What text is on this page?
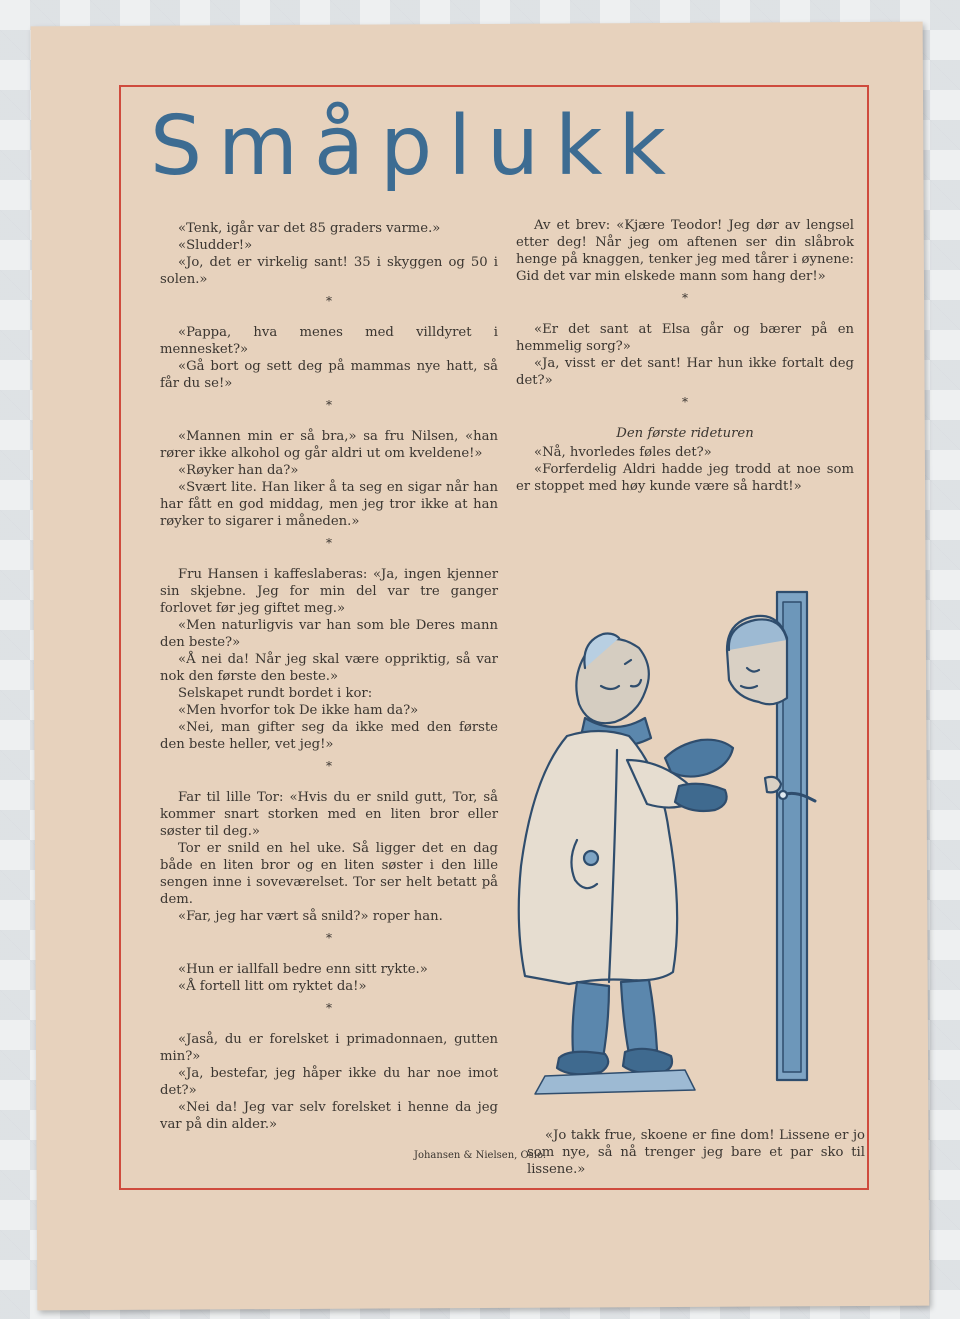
Småplukk

«Tenk, igår var det 85 graders varme.»

«Sludder!»

«Jo, det er virkelig sant! 35 i skyggen og 50 i solen.»

*

«Pappa, hva menes med villdyret i mennesket?»

«Gå bort og sett deg på mammas nye hatt, så får du se!»

*

«Mannen min er så bra,» sa fru Nilsen, «han rører ikke alkohol og går aldri ut om kveldene!»

«Røyker han da?»

«Svært lite. Han liker å ta seg en sigar når han har fått en god middag, men jeg tror ikke at han røyker to sigarer i måneden.»

*

Fru Hansen i kaffeslaberas: «Ja, ingen kjenner sin skjebne. Jeg for min del var tre ganger forlovet før jeg giftet meg.»

«Men naturligvis var han som ble Deres mann den beste?»

«Å nei da! Når jeg skal være oppriktig, så var nok den første den beste.»

Selskapet rundt bordet i kor:

«Men hvorfor tok De ikke ham da?»

«Nei, man gifter seg da ikke med den første den beste heller, vet jeg!»

*

Far til lille Tor: «Hvis du er snild gutt, Tor, så kommer snart storken med en liten bror eller søster til deg.»

Tor er snild en hel uke. Så ligger det en dag både en liten bror og en liten søster i den lille sengen inne i soveværelset. Tor ser helt betatt på dem.

«Far, jeg har vært så snild?» roper han.

*

«Hun er iallfall bedre enn sitt rykte.»

«Å fortell litt om ryktet da!»

*

«Jaså, du er forelsket i primadonnaen, gutten min?»

«Ja, bestefar, jeg håper ikke du har noe imot det?»

«Nei da! Jeg var selv forelsket i henne da jeg var på din alder.»

Av et brev: «Kjære Teodor! Jeg dør av lengsel etter deg! Når jeg om aftenen ser din slåbrok henge på knaggen, tenker jeg med tårer i øynene: Gid det var min elskede mann som hang der!»

*

«Er det sant at Elsa går og bærer på en hemmelig sorg?»

«Ja, visst er det sant! Har hun ikke fortalt deg det?»

*
Den første rideturen

«Nå, hvorledes føles det?»

«Forferdelig Aldri hadde jeg trodd at noe som er stoppet med høy kunde være så hardt!»

«Jo takk frue, skoene er fine dom! Lissene er jo som nye, så nå trenger jeg bare et par sko til lissene.»

Johansen & Nielsen, Oslo.
